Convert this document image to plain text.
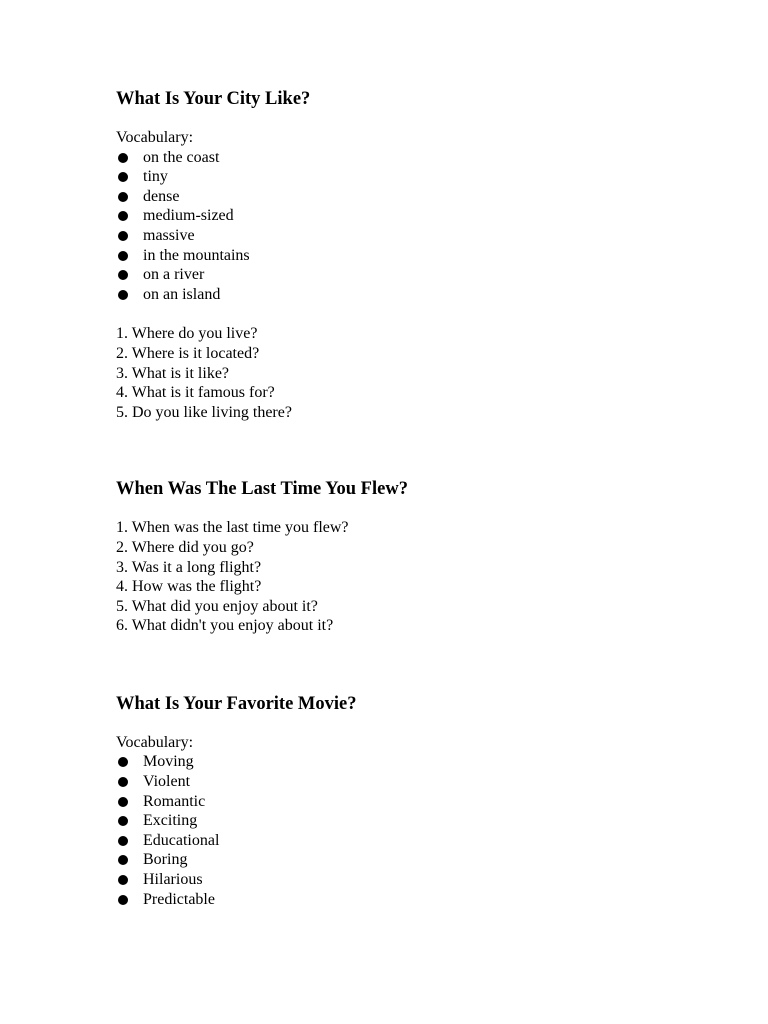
What Is Your City Like?
Vocabulary:
on the coast
tiny
dense
medium-sized
massive
in the mountains
on a river
on an island
1. Where do you live?
2. Where is it located?
3. What is it like?
4. What is it famous for?
5. Do you like living there?
When Was The Last Time You Flew?
1. When was the last time you flew?
2. Where did you go?
3. Was it a long flight?
4. How was the flight?
5. What did you enjoy about it?
6. What didn't you enjoy about it?
What Is Your Favorite Movie?
Vocabulary:
Moving
Violent
Romantic
Exciting
Educational
Boring
Hilarious
Predictable
